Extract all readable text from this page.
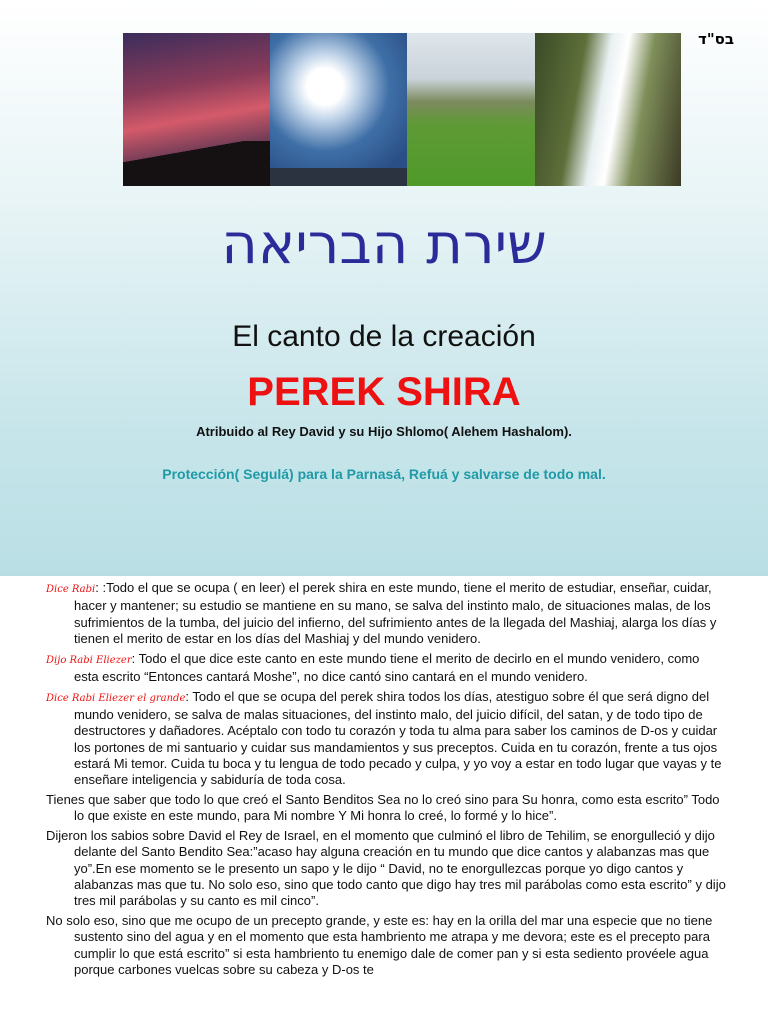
בס"ד
שירת הבריאה
El canto de la creación
PEREK SHIRA
Atribuido al Rey David y su Hijo Shlomo( Alehem Hashalom).
Protección( Segulá) para la Parnasá, Refuá y salvarse de todo mal.

Dice Rabi: :Todo el que se ocupa ( en leer) el perek shira en este mundo, tiene el merito de estudiar, enseñar, cuidar, hacer y mantener; su estudio se mantiene en su mano, se salva del instinto malo, de situaciones malas, de los sufrimientos de la tumba, del juicio del infierno, del sufrimiento antes de la llegada del Mashiaj, alarga los días y tienen el merito de estar en los días del Mashiaj y del mundo venidero.

Dijo Rabi Eliezer: Todo el que dice este canto en este mundo tiene el merito de decirlo en el mundo venidero, como esta escrito “Entonces cantará Moshe”, no dice cantó sino cantará en el mundo venidero.

Dice Rabi Eliezer el grande: Todo el que se ocupa del perek shira todos los días, atestiguo sobre él que será digno del mundo venidero, se salva de malas situaciones, del instinto malo, del juicio difícil, del satan, y de todo tipo de destructores y dañadores. Acéptalo con todo tu corazón y toda tu alma para saber los caminos de D-os y cuidar los portones de mi santuario y cuidar sus mandamientos y sus preceptos. Cuida en tu corazón, frente a tus ojos estará Mi temor. Cuida tu boca y tu lengua de todo pecado y culpa, y yo voy a estar en todo lugar que vayas y te enseñare inteligencia y sabiduría de toda cosa.

Tienes que saber que todo lo que creó el Santo Benditos Sea no lo creó sino para Su honra, como esta escrito” Todo lo que existe en este mundo, para Mi nombre Y Mi honra lo creé, lo formé y lo hice”.

Dijeron los sabios sobre David el Rey de Israel, en el momento que culminó el libro de Tehilim, se enorgulleció y dijo delante del Santo Bendito Sea:”acaso hay alguna creación en tu mundo que dice cantos y alabanzas mas que yo”.En ese momento se le presento un sapo y le dijo “ David, no te enorgullezcas porque yo digo cantos y alabanzas mas que tu. No solo eso, sino que todo canto que digo hay tres mil parábolas como esta escrito” y dijo tres mil parábolas y su canto es mil cinco”.

No solo eso, sino que me ocupo de un precepto grande, y este es: hay en la orilla del mar una especie que no tiene sustento sino del agua y en el momento que esta hambriento me atrapa y me devora; este es el precepto para cumplir lo que está escrito” si esta hambriento tu enemigo dale de comer pan y si esta sediento provéele agua porque carbones vuelcas sobre su cabeza y D-os te
